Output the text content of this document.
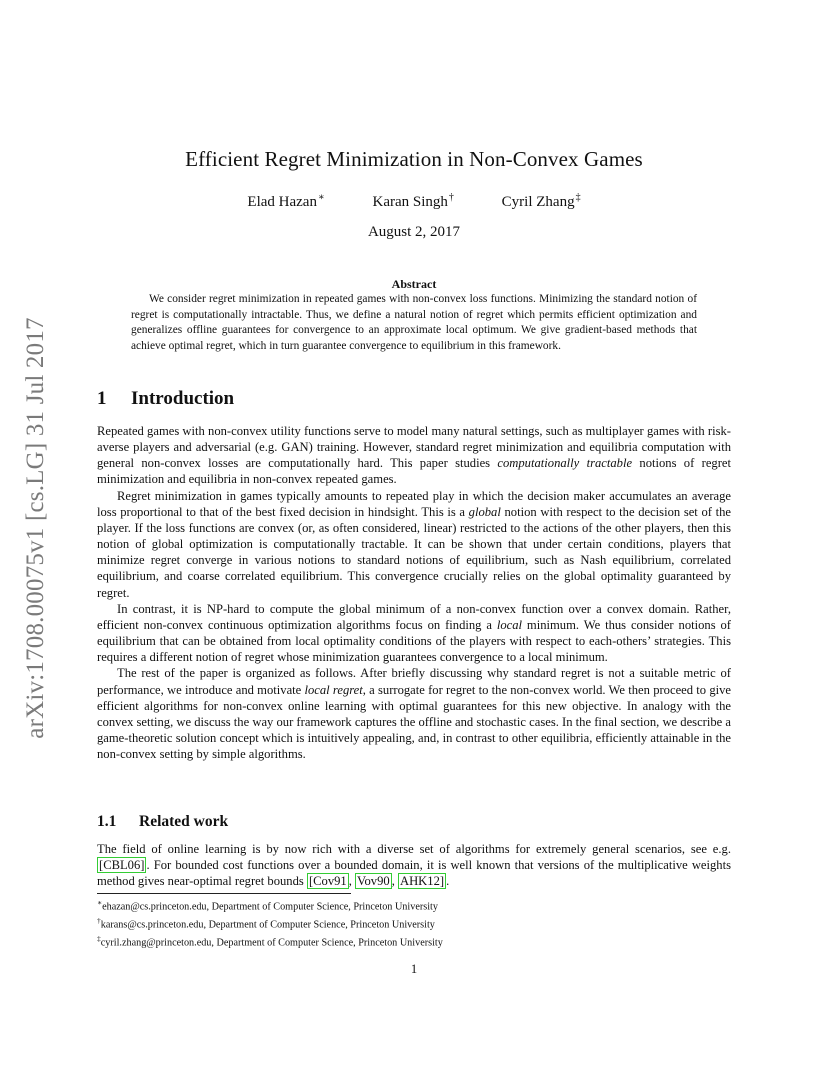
arXiv:1708.00075v1 [cs.LG] 31 Jul 2017
Efficient Regret Minimization in Non-Convex Games
Elad Hazan∗	Karan Singh†	Cyril Zhang‡
August 2, 2017
Abstract
We consider regret minimization in repeated games with non-convex loss functions. Minimizing the standard notion of regret is computationally intractable. Thus, we define a natural notion of regret which permits efficient optimization and generalizes offline guarantees for convergence to an approximate local optimum. We give gradient-based methods that achieve optimal regret, which in turn guarantee convergence to equilibrium in this framework.
1 Introduction

Repeated games with non-convex utility functions serve to model many natural settings, such as multiplayer games with risk-averse players and adversarial (e.g. GAN) training. However, standard regret minimization and equilibria computation with general non-convex losses are computationally hard. This paper studies computationally tractable notions of regret minimization and equilibria in non-convex repeated games.

Regret minimization in games typically amounts to repeated play in which the decision maker accumulates an average loss proportional to that of the best fixed decision in hindsight. This is a global notion with respect to the decision set of the player. If the loss functions are convex (or, as often considered, linear) restricted to the actions of the other players, then this notion of global optimization is computationally tractable. It can be shown that under certain conditions, players that minimize regret converge in various notions to standard notions of equilibrium, such as Nash equilibrium, correlated equilibrium, and coarse correlated equilibrium. This convergence crucially relies on the global optimality guaranteed by regret.

In contrast, it is NP-hard to compute the global minimum of a non-convex function over a convex domain. Rather, efficient non-convex continuous optimization algorithms focus on finding a local minimum. We thus consider notions of equilibrium that can be obtained from local optimality conditions of the players with respect to each-others’ strategies. This requires a different notion of regret whose minimization guarantees convergence to a local minimum.

The rest of the paper is organized as follows. After briefly discussing why standard regret is not a suitable metric of performance, we introduce and motivate local regret, a surrogate for regret to the non-convex world. We then proceed to give efficient algorithms for non-convex online learning with optimal guarantees for this new objective. In analogy with the convex setting, we discuss the way our framework captures the offline and stochastic cases. In the final section, we describe a game-theoretic solution concept which is intuitively appealing, and, in contrast to other equilibria, efficiently attainable in the non-convex setting by simple algorithms.

1.1 Related work

The field of online learning is by now rich with a diverse set of algorithms for extremely general scenarios, see e.g. [CBL06] . For bounded cost functions over a bounded domain, it is well known that versions of the multiplicative weights method gives near-optimal regret bounds [Cov91 , Vov90 , AHK12] .

∗ehazan@cs.princeton.edu, Department of Computer Science, Princeton University
†karans@cs.princeton.edu, Department of Computer Science, Princeton University
‡cyril.zhang@princeton.edu, Department of Computer Science, Princeton University
1
